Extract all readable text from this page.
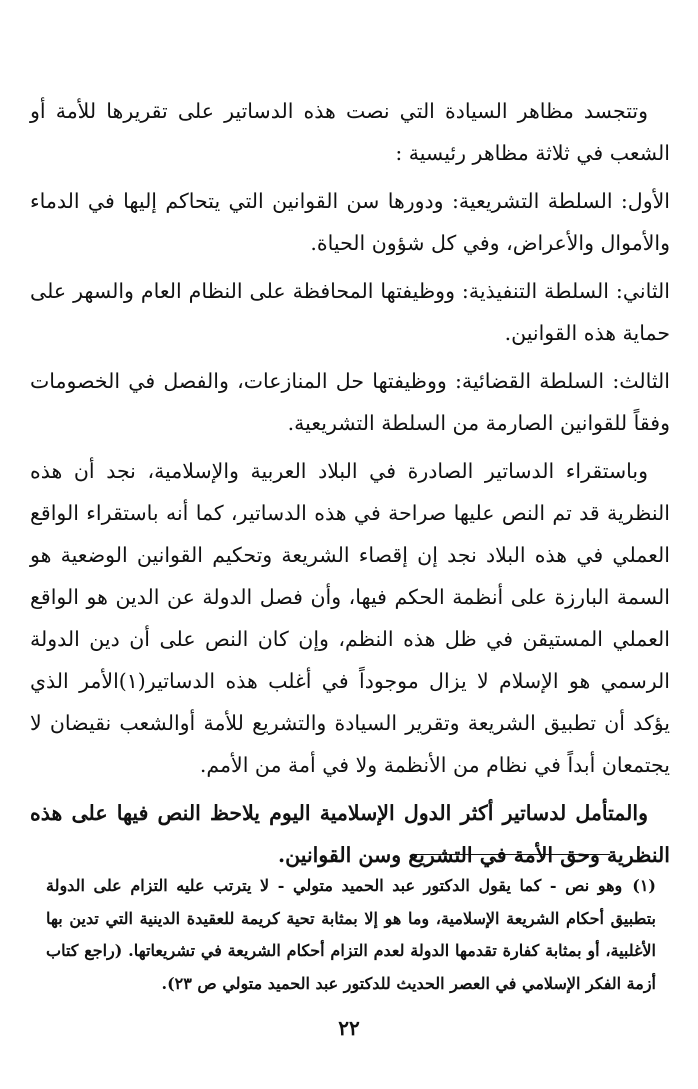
وتتجسد مظاهر السيادة التي نصت هذه الدساتير على تقريرها للأمة أو الشعب في ثلاثة مظاهر رئيسية :

الأول: السلطة التشريعية: ودورها سن القوانين التي يتحاكم إليها في الدماء والأموال والأعراض، وفي كل شؤون الحياة.

الثاني: السلطة التنفيذية: ووظيفتها المحافظة على النظام العام والسهر على حماية هذه القوانين.

الثالث: السلطة القضائية: ووظيفتها حل المنازعات، والفصل في الخصومات وفقاً للقوانين الصارمة من السلطة التشريعية.

وباستقراء الدساتير الصادرة في البلاد العربية والإسلامية، نجد أن هذه النظرية قد تم النص عليها صراحة في هذه الدساتير، كما أنه باستقراء الواقع العملي في هذه البلاد نجد إن إقصاء الشريعة وتحكيم القوانين الوضعية هو السمة البارزة على أنظمة الحكم فيها، وأن فصل الدولة عن الدين هو الواقع العملي المستيقن في ظل هذه النظم، وإن كان النص على أن دين الدولة الرسمي هو الإسلام لا يزال موجوداً في أغلب هذه الدساتير(١)الأمر الذي يؤكد أن تطبيق الشريعة وتقرير السيادة والتشريع للأمة أوالشعب نقيضان لا يجتمعان أبداً في نظام من الأنظمة ولا في أمة من الأمم.

والمتأمل لدساتير أكثر الدول الإسلامية اليوم يلاحظ النص فيها على هذه النظرية وحق الأمة في التشريع وسن القوانين.

(١)وهو نص - كما يقول الدكتور عبد الحميد متولي - لا يترتب عليه التزام على الدولة بتطبيق أحكام الشريعة الإسلامية، وما هو إلا بمثابة تحية كريمة للعقيدة الدينية التي تدين بها الأغلبية، أو بمثابة كفارة تقدمها الدولة لعدم التزام أحكام الشريعة في تشريعاتها. (راجع كتاب أزمة الفكر الإسلامي في العصر الحديث للدكتور عبد الحميد متولي ص ٢٣).
٢٢
